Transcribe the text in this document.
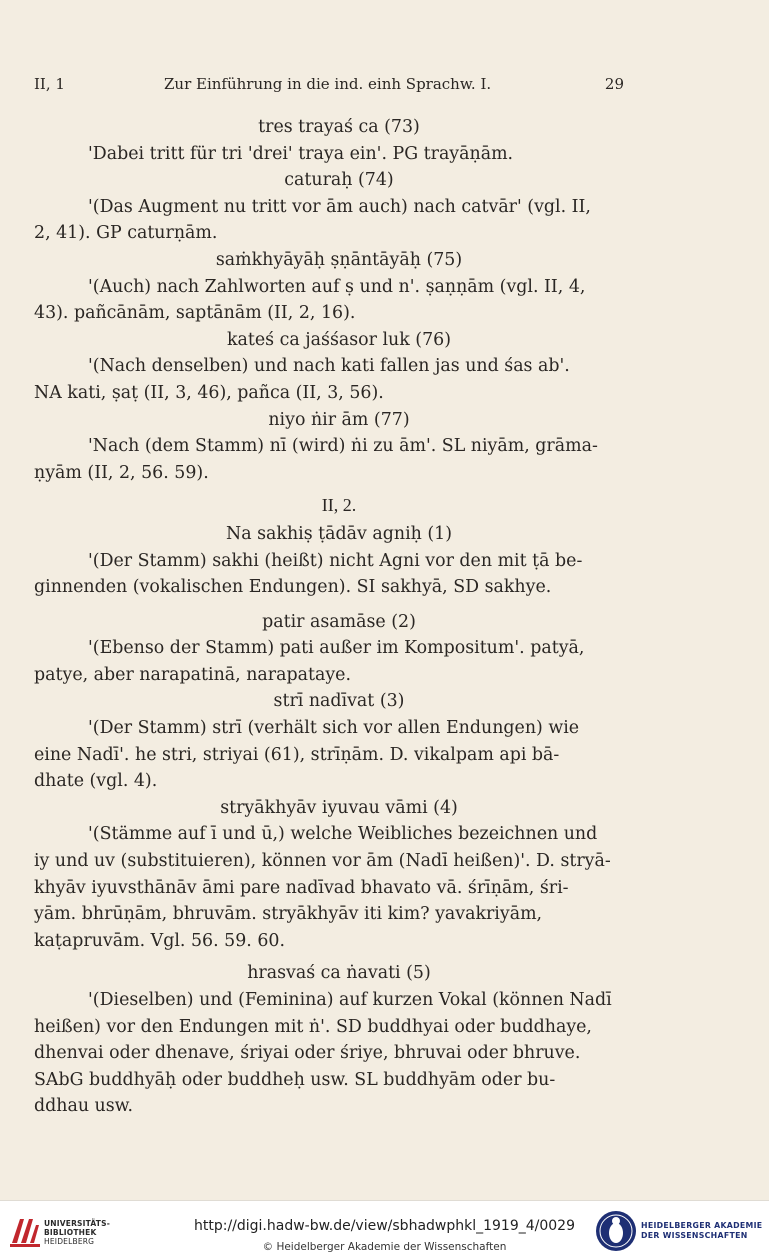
II, 1	Zur Einführung in die ind. einh Sprachw. I.	29
tres trayaś ca (73)
'Dabei tritt für tri 'drei' traya ein'. PG trayāṇām.
caturaḥ (74)
'(Das Augment nu tritt vor ām auch) nach catvār' (vgl. II,
2, 41). GP caturṇām.
saṁkhyāyāḥ ṣṇāntāyāḥ (75)
'(Auch) nach Zahlworten auf ṣ und n'. ṣaṇṇām (vgl. II, 4,
43). pañcānām, saptānām (II, 2, 16).
kateś ca jaśśasor luk (76)
'(Nach denselben) und nach kati fallen jas und śas ab'.
NA kati, ṣaṭ (II, 3, 46), pañca (II, 3, 56).
niyo ṅir ām (77)
'Nach (dem Stamm) nī (wird) ṅi zu ām'. SL niyām, grāma-
ṇyām (II, 2, 56. 59).
II, 2.
Na sakhiṣ ṭādāv agniḥ (1)
'(Der Stamm) sakhi (heißt) nicht Agni vor den mit ṭā be-
ginnenden (vokalischen Endungen). SI sakhyā, SD sakhye.
patir asamāse (2)
'(Ebenso der Stamm) pati außer im Kompositum'. patyā,
patye, aber narapatinā, narapataye.
strī nadīvat (3)
'(Der Stamm) strī (verhält sich vor allen Endungen) wie
eine Nadī'. he stri, striyai (61), strīṇām. D. vikalpam api bā-
dhate (vgl. 4).
stryākhyāv iyuvau vāmi (4)
'(Stämme auf ī und ū,) welche Weibliches bezeichnen und
iy und uv (substituieren), können vor ām (Nadī heißen)'. D. stryā-
khyāv iyuvsthānāv āmi pare nadīvad bhavato vā. śrīṇām, śri-
yām. bhrūṇām, bhruvām. stryākhyāv iti kim? yavakriyām,
kaṭapruvām. Vgl. 56. 59. 60.
hrasvaś ca ṅavati (5)
'(Dieselben) und (Feminina) auf kurzen Vokal (können Nadī
heißen) vor den Endungen mit ṅ'. SD buddhyai oder buddhaye,
dhenvai oder dhenave, śriyai oder śriye, bhruvai oder bhruve.
SAbG buddhyāḥ oder buddheḥ usw. SL buddhyām oder bu-
ddhau usw.
UNIVERSITÄTS-
BIBLIOTHEK
HEIDELBERG
http://digi.hadw-bw.de/view/sbhadwphkl_1919_4/0029
© Heidelberger Akademie der Wissenschaften
HEIDELBERGER AKADEMIE
DER WISSENSCHAFTEN
